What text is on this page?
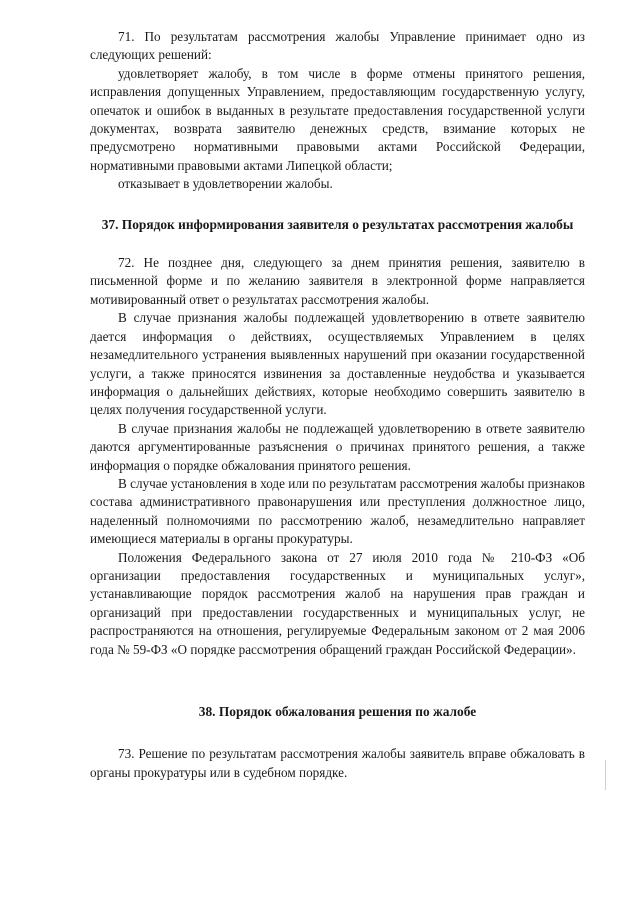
71. По результатам рассмотрения жалобы Управление принимает одно из следующих решений:

удовлетворяет жалобу, в том числе в форме отмены принятого решения, исправления допущенных Управлением, предоставляющим государственную услугу, опечаток и ошибок в выданных в результате предоставления государственной услуги документах, возврата заявителю денежных средств, взимание которых не предусмотрено нормативными правовыми актами Российской Федерации, нормативными правовыми актами Липецкой области;

отказывает в удовлетворении жалобы.

37. Порядок информирования заявителя о результатах рассмотрения жалобы

72. Не позднее дня, следующего за днем принятия решения, заявителю в письменной форме и по желанию заявителя в электронной форме направляется мотивированный ответ о результатах рассмотрения жалобы.

В случае признания жалобы подлежащей удовлетворению в ответе заявителю дается информация о действиях, осуществляемых Управлением в целях незамедлительного устранения выявленных нарушений при оказании государственной услуги, а также приносятся извинения за доставленные неудобства и указывается информация о дальнейших действиях, которые необходимо совершить заявителю в целях получения государственной услуги.

В случае признания жалобы не подлежащей удовлетворению в ответе заявителю даются аргументированные разъяснения о причинах принятого решения, а также информация о порядке обжалования принятого решения.

В случае установления в ходе или по результатам рассмотрения жалобы признаков состава административного правонарушения или преступления должностное лицо, наделенный полномочиями по рассмотрению жалоб, незамедлительно направляет имеющиеся материалы в органы прокуратуры.

Положения Федерального закона от 27 июля 2010 года № 210-ФЗ «Об организации предоставления государственных и муниципальных услуг», устанавливающие порядок рассмотрения жалоб на нарушения прав граждан и организаций при предоставлении государственных и муниципальных услуг, не распространяются на отношения, регулируемые Федеральным законом от 2 мая 2006 года № 59-ФЗ «О порядке рассмотрения обращений граждан Российской Федерации».

38. Порядок обжалования решения по жалобе

73. Решение по результатам рассмотрения жалобы заявитель вправе обжаловать в органы прокуратуры или в судебном порядке.
